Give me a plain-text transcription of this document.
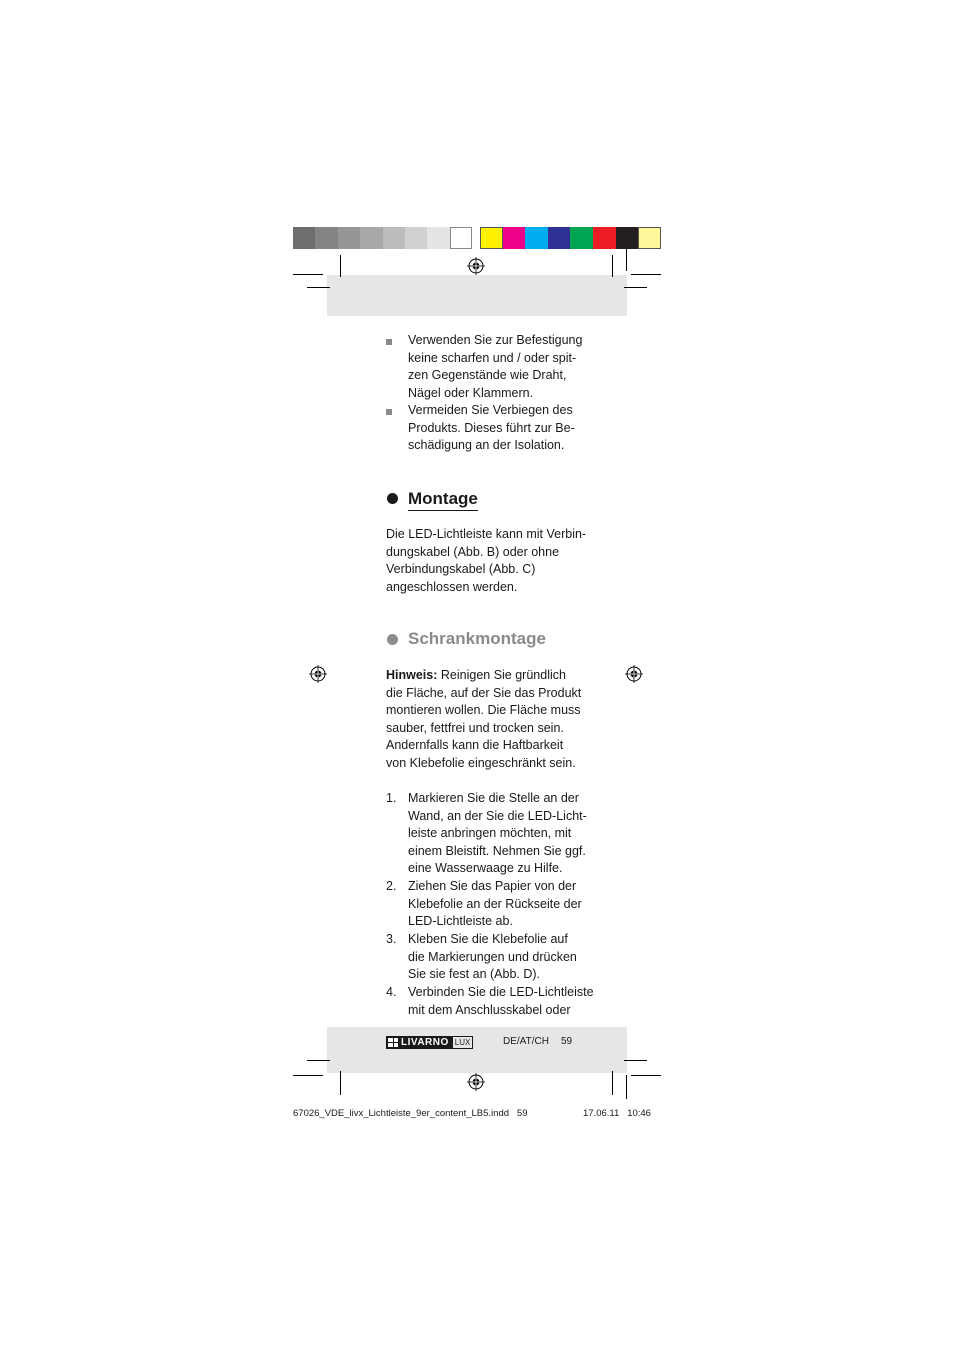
Verwenden Sie zur Befestigung
keine scharfen und / oder spit-
zen Gegenstände wie Draht,
Nägel oder Klammern.
Vermeiden Sie Verbiegen des
Produkts. Dieses führt zur Be-
schädigung an der Isolation.
Montage
Die LED-Lichtleiste kann mit Verbin-
dungskabel (Abb. B) oder ohne
Verbindungskabel (Abb. C)
angeschlossen werden.
Schrankmontage
Hinweis: Reinigen Sie gründlich
die Fläche, auf der Sie das Produkt
montieren wollen. Die Fläche muss
sauber, fettfrei und trocken sein.
Andernfalls kann die Haftbarkeit
von Klebefolie eingeschränkt sein.
1. Markieren Sie die Stelle an der
Wand, an der Sie die LED-Licht-
leiste anbringen möchten, mit
einem Bleistift. Nehmen Sie ggf.
eine Wasserwaage zu Hilfe.
2. Ziehen Sie das Papier von der
Klebefolie an der Rückseite der
LED-Lichtleiste ab.
3. Kleben Sie die Klebefolie auf
die Markierungen und drücken
Sie sie fest an (Abb. D).
4. Verbinden Sie die LED-Lichtleiste
mit dem Anschlusskabel oder
LIVARNO LUX	DE/AT/CH 59
67026_VDE_livx_Lichtleiste_9er_content_LB5.indd   59	17.06.11   10:46
